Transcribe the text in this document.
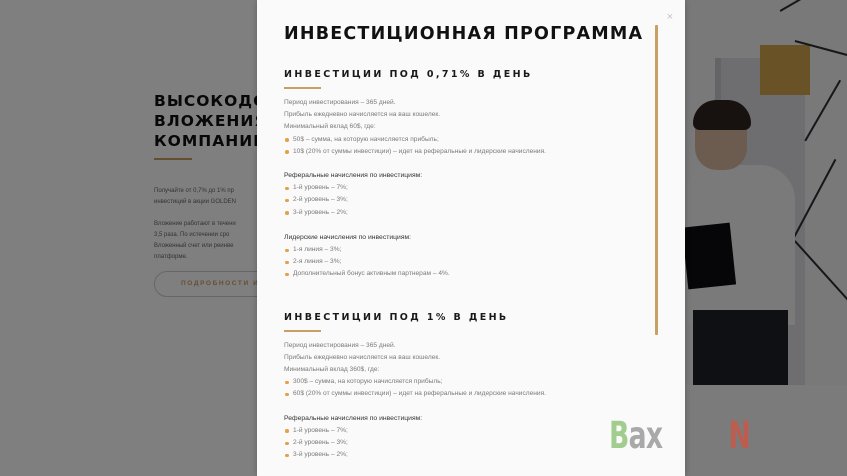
×
ИНВЕСТИЦИОННАЯ ПРОГРАММА
ИНВЕСТИЦИИ ПОД 0,71% В ДЕНЬ
Период инвестирования – 365 дней.
Прибыль ежедневно начисляется на ваш кошелек.
Минимальный вклад 60$, где:
50$ – сумма, на которую начисляется прибыль;
10$ (20% от суммы инвестиции) – идет на реферальные и лидерские начисления.
Реферальные начисления по инвестициям:
1-й уровень – 7%;
2-й уровень – 3%;
3-й уровень – 2%;
Лидерские начисления по инвестициям:
1-я линия – 3%;
2-я линия – 3%;
Дополнительный бонус активным партнерам – 4%.
ИНВЕСТИЦИИ ПОД 1% В ДЕНЬ
Период инвестирования – 365 дней.
Прибыль ежедневно начисляется на ваш кошелек.
Минимальный вклад 360$, где:
300$ – сумма, на которую начисляется прибыль;
60$ (20% от суммы инвестиции) – идет на реферальные и лидерские начисления.
Реферальные начисления по инвестициям:
1-й уровень – 7%;
2-й уровень – 3%;
3-й уровень – 2%;	Bax N
